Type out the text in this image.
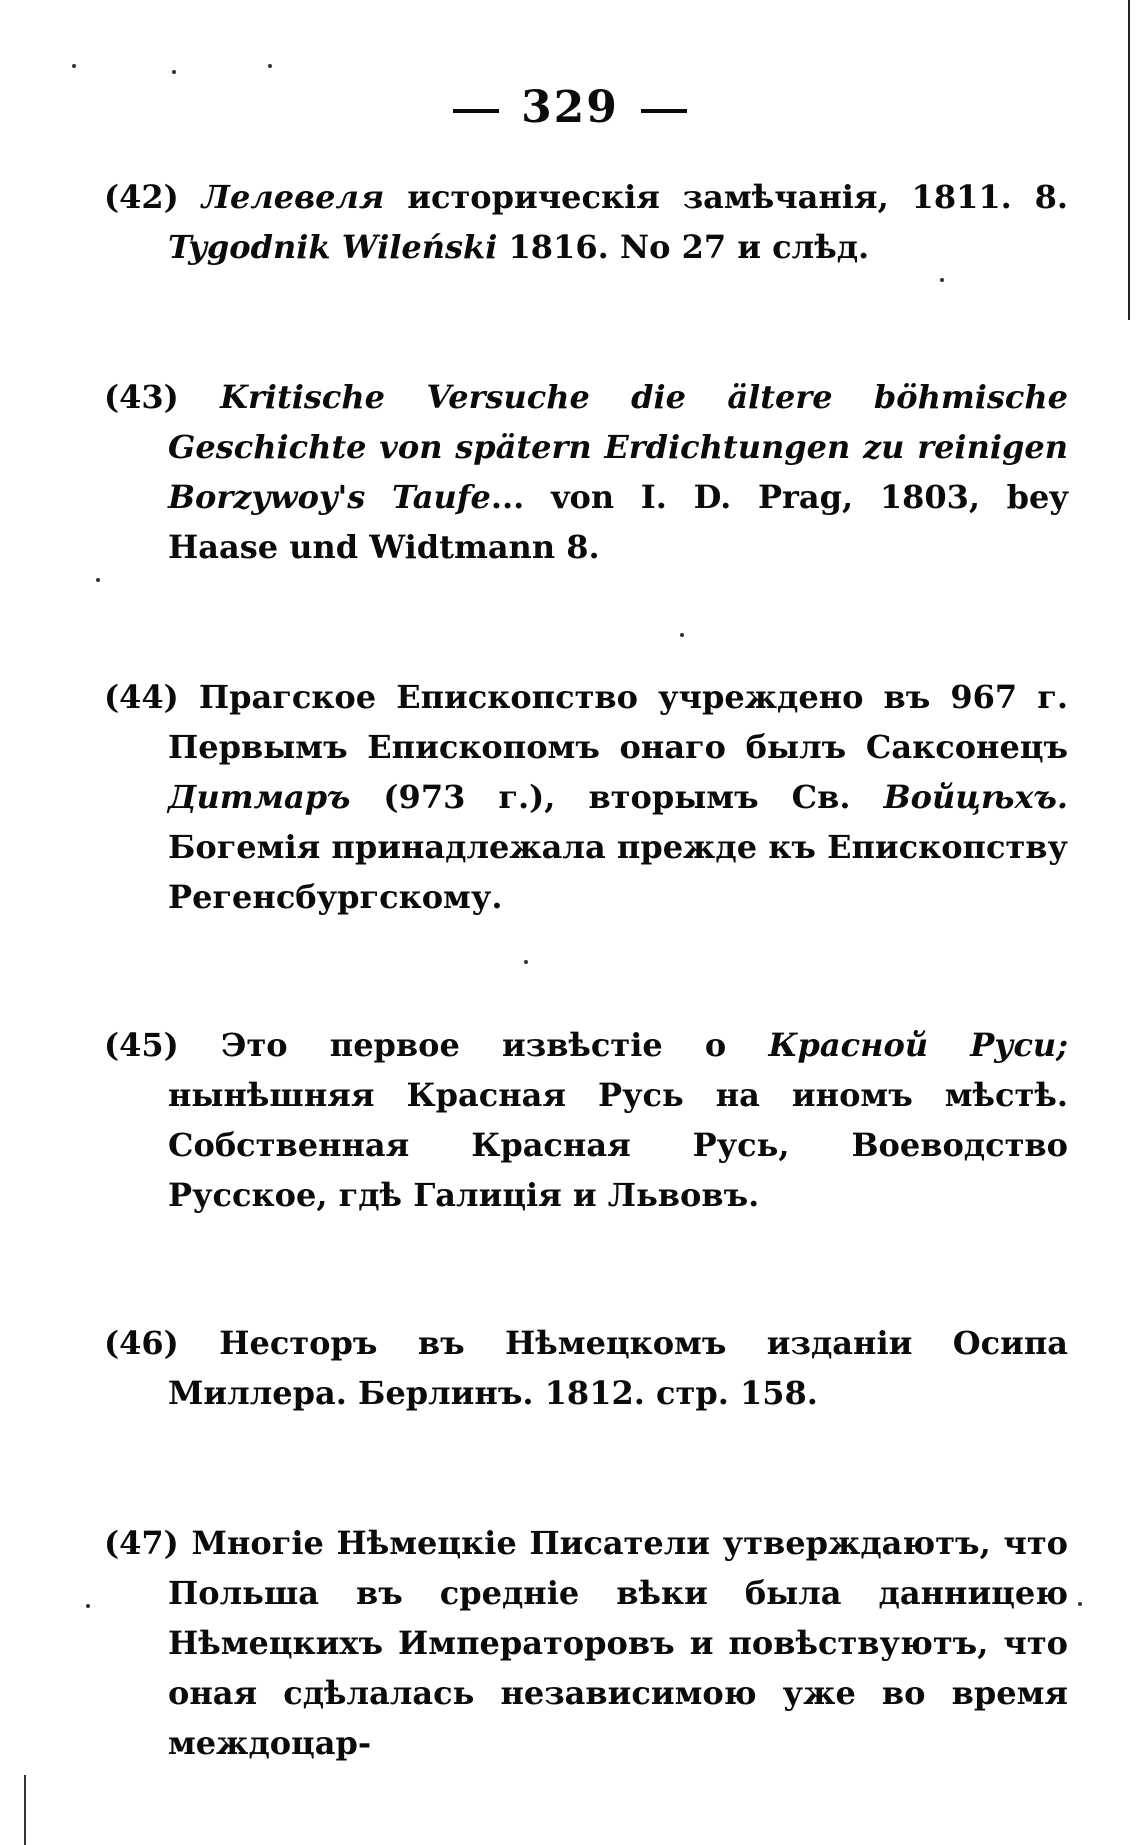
329
(42) Лелевеля историческія замѣчанія, 1811. 8. Tygodnik Wileński 1816. No 27 и слѣд.
(43) Kritische Versuche die ältere böhmische Geschichte von spätern Erdichtungen zu reinigen Borzywoy's Taufe... von I. D. Prag, 1803, bey Haase und Widtmann 8.
(44) Прагское Епископство учреждено въ 967 г. Первымъ Епископомъ онаго былъ Саксонецъ Дитмаръ (973 г.), вторымъ Св. Войцѣхъ. Богемія принадлежала прежде къ Епископству Регенсбургскому.
(45) Это первое извѣстіе о Красной Руси; нынѣшняя Красная Русь на иномъ мѣстѣ. Собственная Красная Русь, Воеводство Русское, гдѣ Галиція и Львовъ.
(46) Несторъ въ Нѣмецкомъ изданіи Осипа Миллера. Берлинъ. 1812. стр. 158.
(47) Многіе Нѣмецкіе Писатели утверждаютъ, что Польша въ средніе вѣки была данницею Нѣмецкихъ Императоровъ и повѣствуютъ, что оная сдѣлалась независимою уже во время междоцар-
